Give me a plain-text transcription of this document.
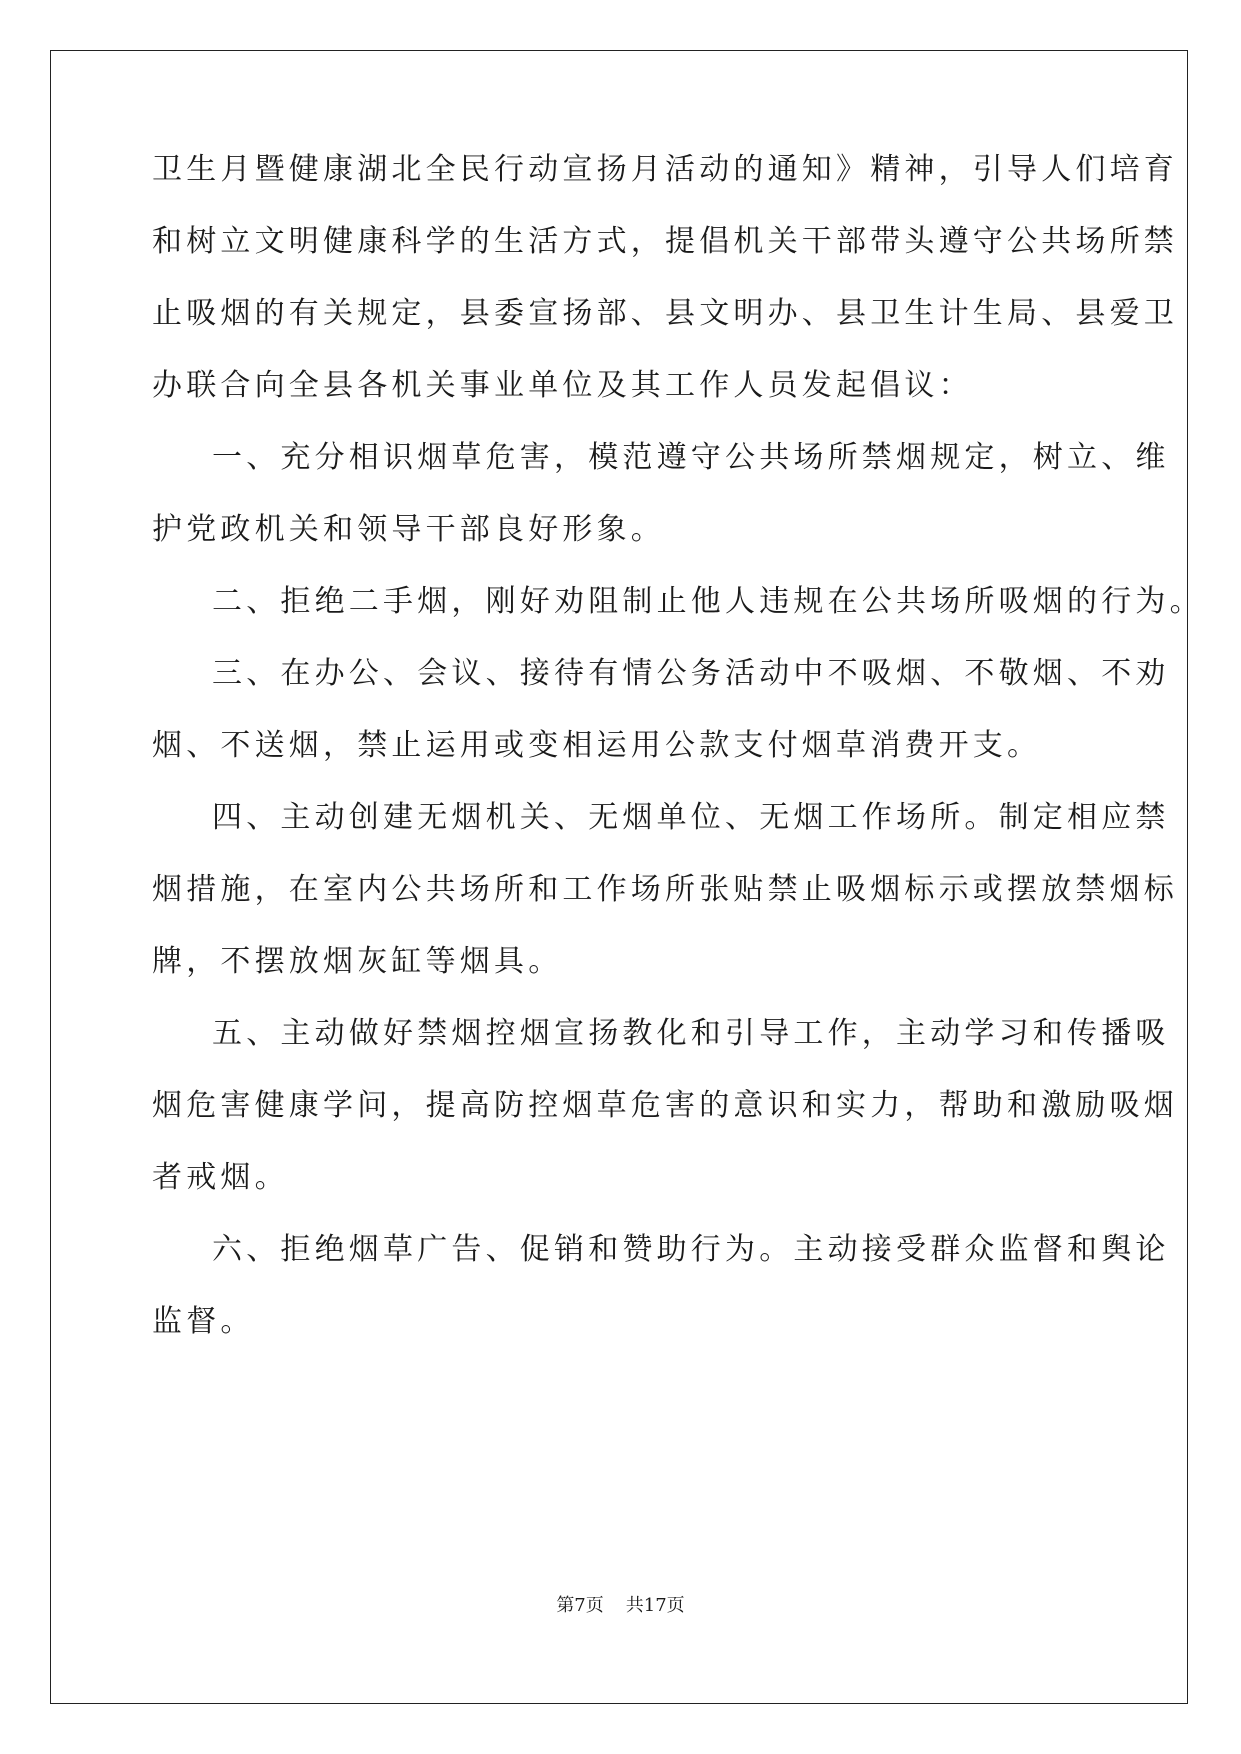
卫生月暨健康湖北全民行动宣扬月活动的通知》精神，引导人们培育
和树立文明健康科学的生活方式，提倡机关干部带头遵守公共场所禁
止吸烟的有关规定，县委宣扬部、县文明办、县卫生计生局、县爱卫
办联合向全县各机关事业单位及其工作人员发起倡议：
一、充分相识烟草危害，模范遵守公共场所禁烟规定，树立、维
护党政机关和领导干部良好形象。
二、拒绝二手烟，刚好劝阻制止他人违规在公共场所吸烟的行为。
三、在办公、会议、接待有情公务活动中不吸烟、不敬烟、不劝
烟、不送烟，禁止运用或变相运用公款支付烟草消费开支。
四、主动创建无烟机关、无烟单位、无烟工作场所。制定相应禁
烟措施，在室内公共场所和工作场所张贴禁止吸烟标示或摆放禁烟标
牌，不摆放烟灰缸等烟具。
五、主动做好禁烟控烟宣扬教化和引导工作，主动学习和传播吸
烟危害健康学问，提高防控烟草危害的意识和实力，帮助和激励吸烟
者戒烟。
六、拒绝烟草广告、促销和赞助行为。主动接受群众监督和舆论
监督。
第7页 共17页
